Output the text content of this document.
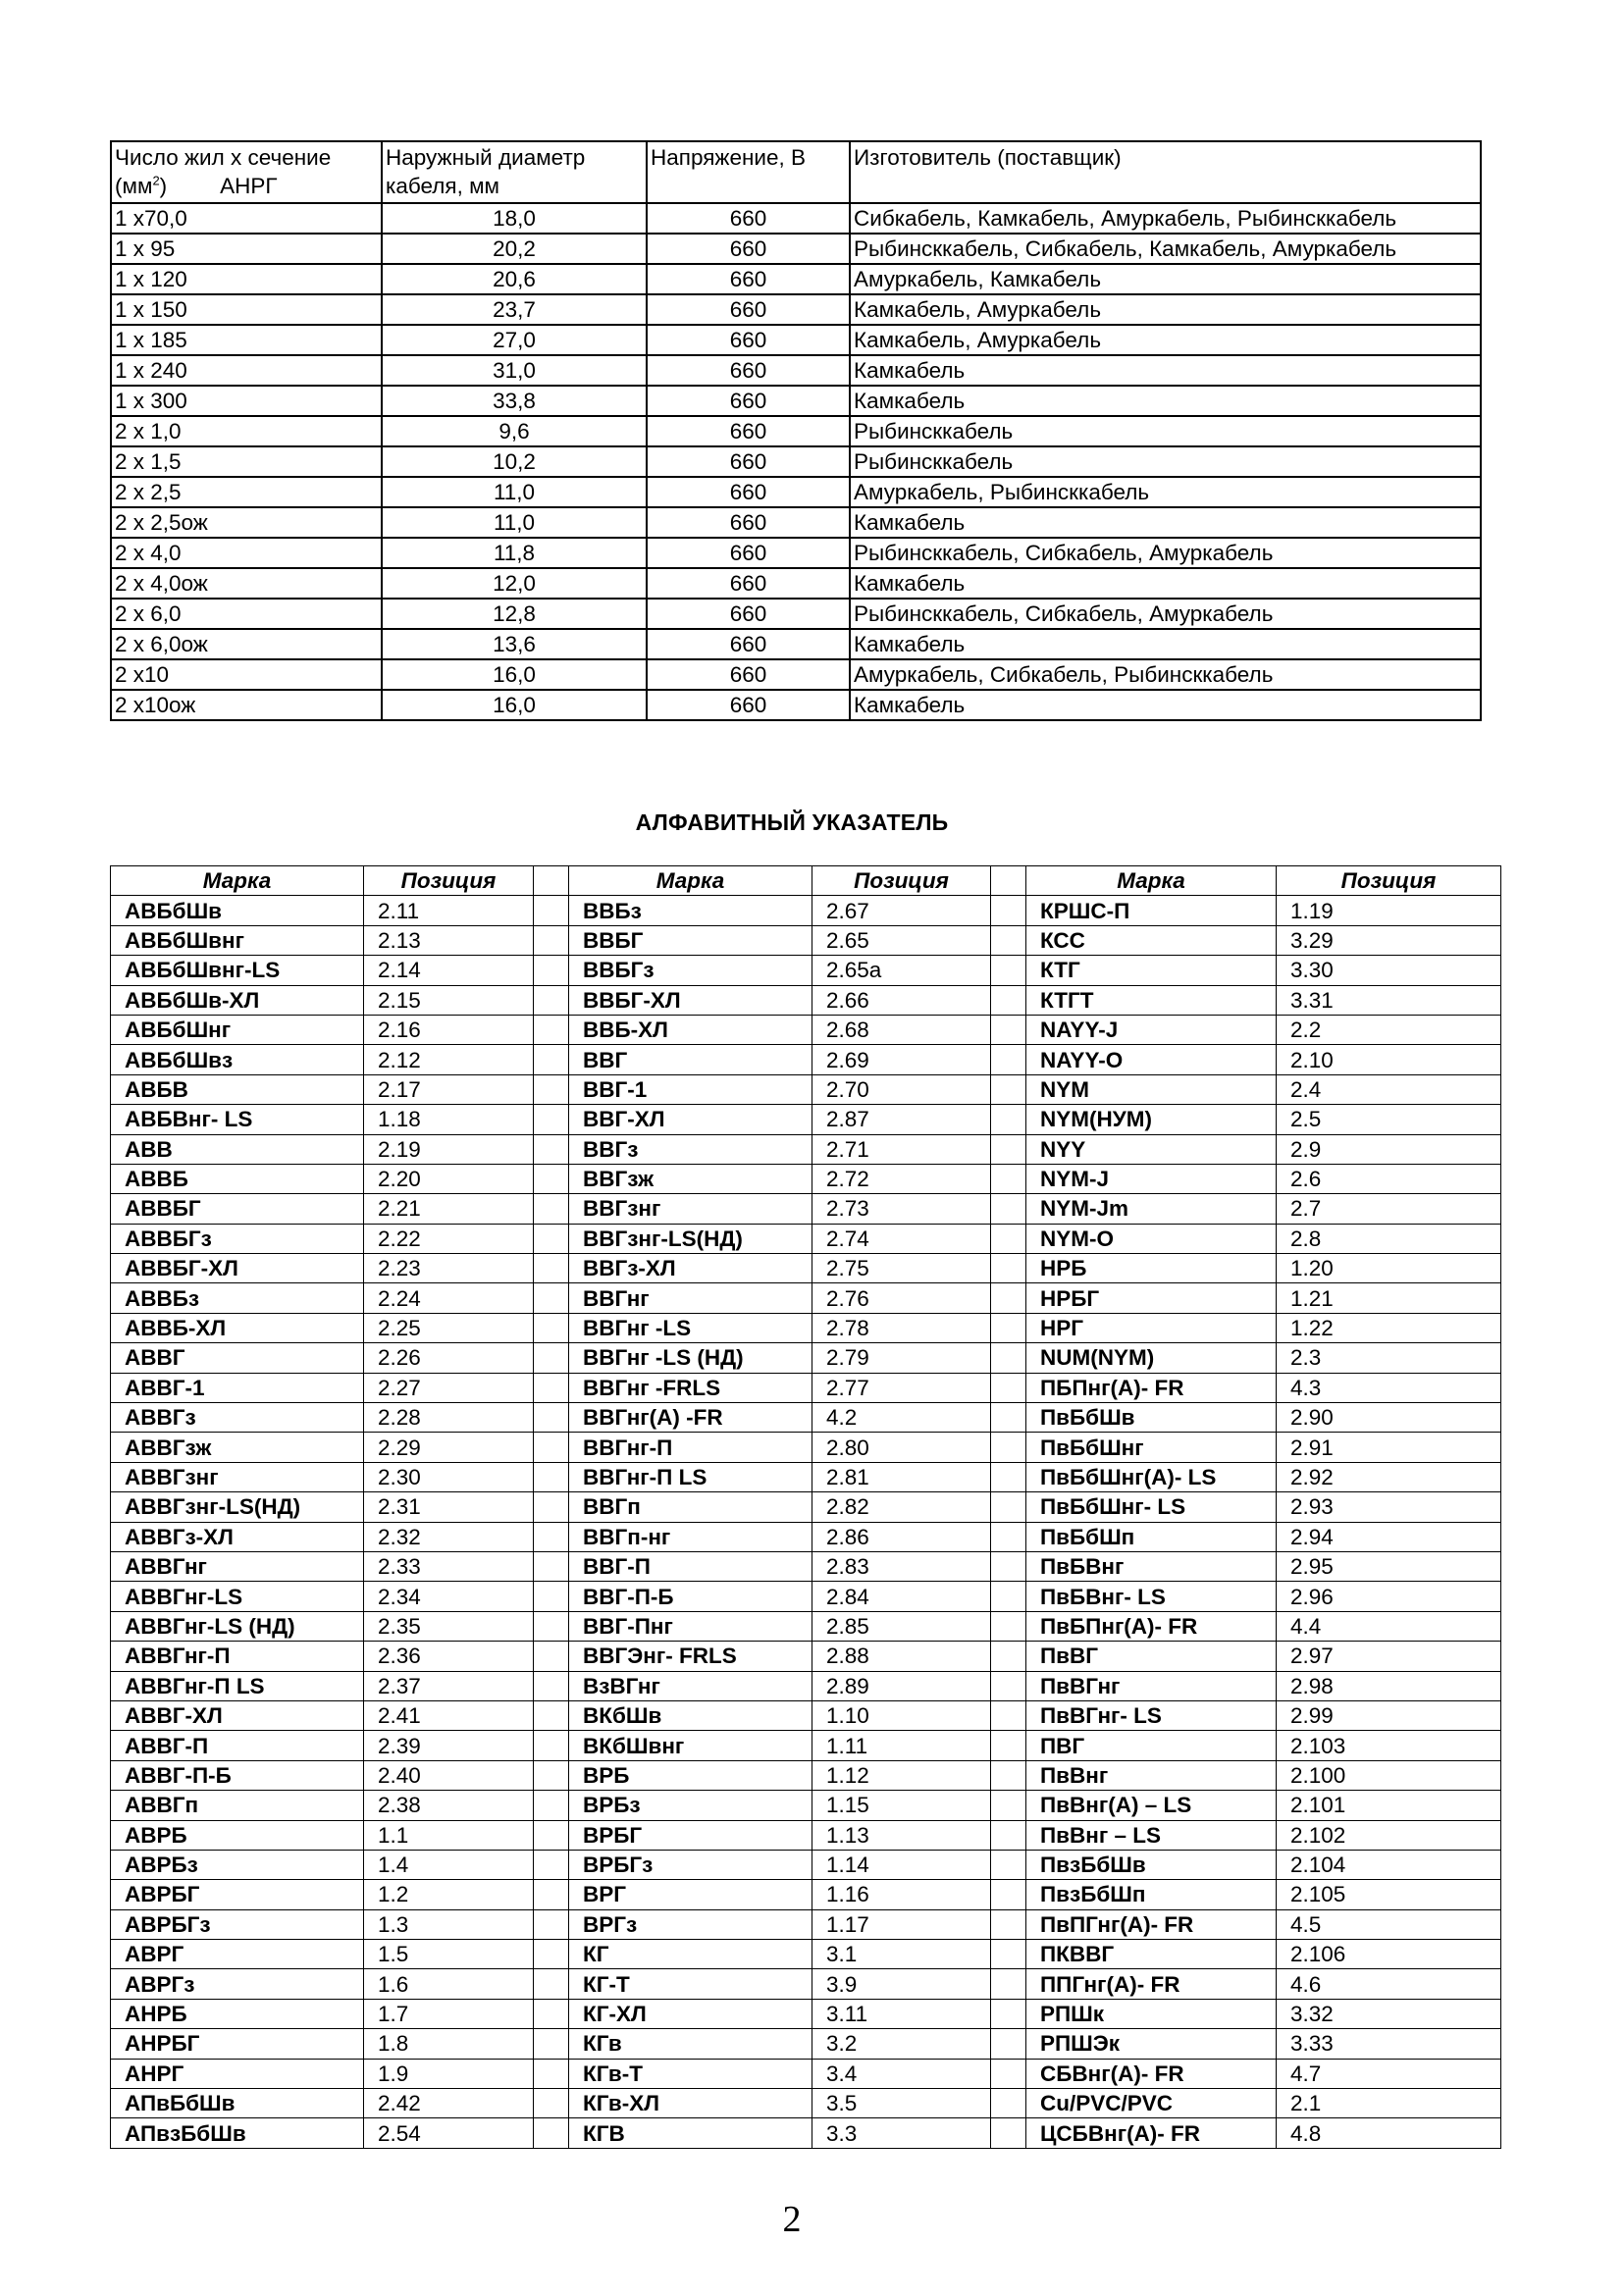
Число жил х сечение
$(мм^2)$ АНРГ	Наружный диаметр кабеля, мм	Напряжение, В	Изготовитель (поставщик)
1 х70,0	18,0	660	Сибкабель, Камкабель, Амуркабель, Рыбинсккабель
1 х 95	20,2	660	Рыбинсккабель, Сибкабель, Камкабель, Амуркабель
1 х 120	20,6	660	Амуркабель, Камкабель
1 х 150	23,7	660	Камкабель, Амуркабель
1 х 185	27,0	660	Камкабель, Амуркабель
1 х 240	31,0	660	Камкабель
1 х 300	33,8	660	Камкабель
2 х 1,0	9,6	660	Рыбинсккабель
2 х 1,5	10,2	660	Рыбинсккабель
2 х 2,5	11,0	660	Амуркабель, Рыбинсккабель
2 х 2,5ож	11,0	660	Камкабель
2 х 4,0	11,8	660	Рыбинсккабель, Сибкабель, Амуркабель
2 х 4,0ож	12,0	660	Камкабель
2 х 6,0	12,8	660	Рыбинсккабель, Сибкабель, Амуркабель
2 х 6,0ож	13,6	660	Камкабель
2 х10	16,0	660	Амуркабель, Сибкабель, Рыбинсккабель
2 х10ож	16,0	660	Камкабель
АЛФАВИТНЫЙ УКАЗАТЕЛЬ
Марка	Позиция		Марка	Позиция		Марка	Позиция
АВБбШв	2.11		ВВБз	2.67		КРШС-П	1.19
АВБбШвнг	2.13		ВВБГ	2.65		КСС	3.29
АВБбШвнг-LS	2.14		ВВБГз	2.65а		КТГ	3.30
АВБбШв-ХЛ	2.15		ВВБГ-ХЛ	2.66		КТГТ	3.31
АВБбШнг	2.16		ВВБ-ХЛ	2.68		NAYY-J	2.2
АВБбШвз	2.12		ВВГ	2.69		NAYY-O	2.10
АВБВ	2.17		ВВГ-1	2.70		NYM	2.4
АВБВнг- LS	1.18		ВВГ-ХЛ	2.87		NYM(НУМ)	2.5
АВВ	2.19		ВВГз	2.71		NYY	2.9
АВВБ	2.20		ВВГзж	2.72		NYM-J	2.6
АВВБГ	2.21		ВВГзнг	2.73		NYM-Jm	2.7
АВВБГз	2.22		ВВГзнг-LS(НД)	2.74		NYM-O	2.8
АВВБГ-ХЛ	2.23		ВВГз-ХЛ	2.75		НРБ	1.20
АВВБз	2.24		ВВГнг	2.76		НРБГ	1.21
АВВБ-ХЛ	2.25		ВВГнг -LS	2.78		НРГ	1.22
АВВГ	2.26		ВВГнг -LS (НД)	2.79		NUM(NYM)	2.3
АВВГ-1	2.27		ВВГнг -FRLS	2.77		ПБПнг(А)- FR	4.3
АВВГз	2.28		ВВГнг(А) -FR	4.2		ПвБбШв	2.90
АВВГзж	2.29		ВВГнг-П	2.80		ПвБбШнг	2.91
АВВГзнг	2.30		ВВГнг-П LS	2.81		ПвБбШнг(А)- LS	2.92
АВВГзнг-LS(НД)	2.31		ВВГп	2.82		ПвБбШнг- LS	2.93
АВВГз-ХЛ	2.32		ВВГп-нг	2.86		ПвБбШп	2.94
АВВГнг	2.33		ВВГ-П	2.83		ПвБВнг	2.95
АВВГнг-LS	2.34		ВВГ-П-Б	2.84		ПвБВнг- LS	2.96
АВВГнг-LS (НД)	2.35		ВВГ-Пнг	2.85		ПвБПнг(А)- FR	4.4
АВВГнг-П	2.36		ВВГЭнг- FRLS	2.88		ПвВГ	2.97
АВВГнг-П LS	2.37		ВзВГнг	2.89		ПвВГнг	2.98
АВВГ-ХЛ	2.41		ВКбШв	1.10		ПвВГнг- LS	2.99
АВВГ-П	2.39		ВКбШвнг	1.11		ПВГ	2.103
АВВГ-П-Б	2.40		ВРБ	1.12		ПвВнг	2.100
АВВГп	2.38		ВРБз	1.15		ПвВнг(А) – LS	2.101
АВРБ	1.1		ВРБГ	1.13		ПвВнг – LS	2.102
АВРБз	1.4		ВРБГз	1.14		ПвзБбШв	2.104
АВРБГ	1.2		ВРГ	1.16		ПвзБбШп	2.105
АВРБГз	1.3		ВРГз	1.17		ПвПГнг(А)- FR	4.5
АВРГ	1.5		КГ	3.1		ПКВВГ	2.106
АВРГз	1.6		КГ-Т	3.9		ППГнг(А)- FR	4.6
АНРБ	1.7		КГ-ХЛ	3.11		РПШк	3.32
АНРБГ	1.8		КГв	3.2		РПШЭк	3.33
АНРГ	1.9		КГв-Т	3.4		СБВнг(А)- FR	4.7
АПвБбШв	2.42		КГв-ХЛ	3.5		Cu/PVC/PVC	2.1
АПвзБбШв	2.54		КГВ	3.3		ЦСБВнг(А)- FR	4.8
2
